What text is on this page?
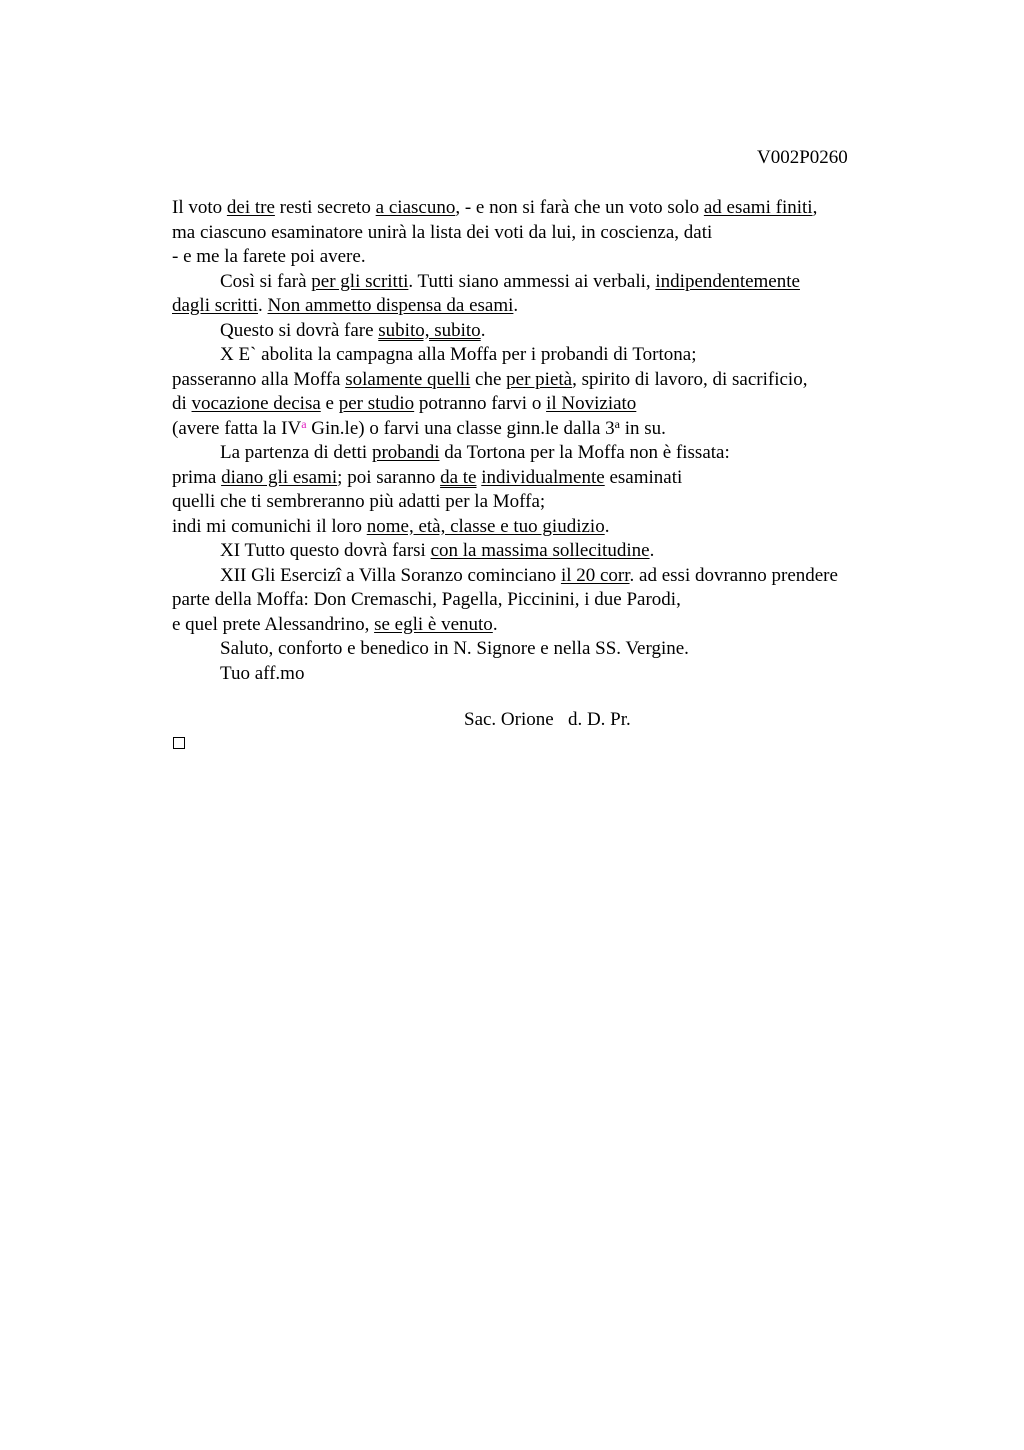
V002P0260
Il voto dei tre resti secreto a ciascuno, - e non si farà che un voto solo ad esami finiti,
ma ciascuno esaminatore unirà la lista dei voti da lui, in coscienza, dati
- e me la farete poi avere.
Così si farà per gli scritti. Tutti siano ammessi ai verbali, indipendentemente
dagli scritti. Non ammetto dispensa da esami.
Questo si dovrà fare subito, subito.
X E` abolita la campagna alla Moffa per i probandi di Tortona;
passeranno alla Moffa solamente quelli che per pietà, spirito di lavoro, di sacrificio,
di vocazione decisa e per studio potranno farvi o il Noviziato
(avere fatta la $IV^a$ Gin.le) o farvi una classe ginn.le dalla 3$^a$ in su.
La partenza di detti probandi da Tortona per la Moffa non è fissata:
prima diano gli esami; poi saranno da te individualmente esaminati
quelli che ti sembreranno più adatti per la Moffa;
indi mi comunichi il loro nome, età, classe e tuo giudizio.
XI Tutto questo dovrà farsi con la massima sollecitudine.
XII Gli Esercizi a Villa Soranzo cominciano il 20 corr. ad essi dovranno prendere
parte della Moffa: Don Cremaschi, Pagella, Piccinini, i due Parodi,
e quel prete Alessandrino, se egli è venuto.
Saluto, conforto e benedico in N. Signore e nella SS. Vergine.
Tuo aff.mo
Sac. Orione   d. D. Pr.
